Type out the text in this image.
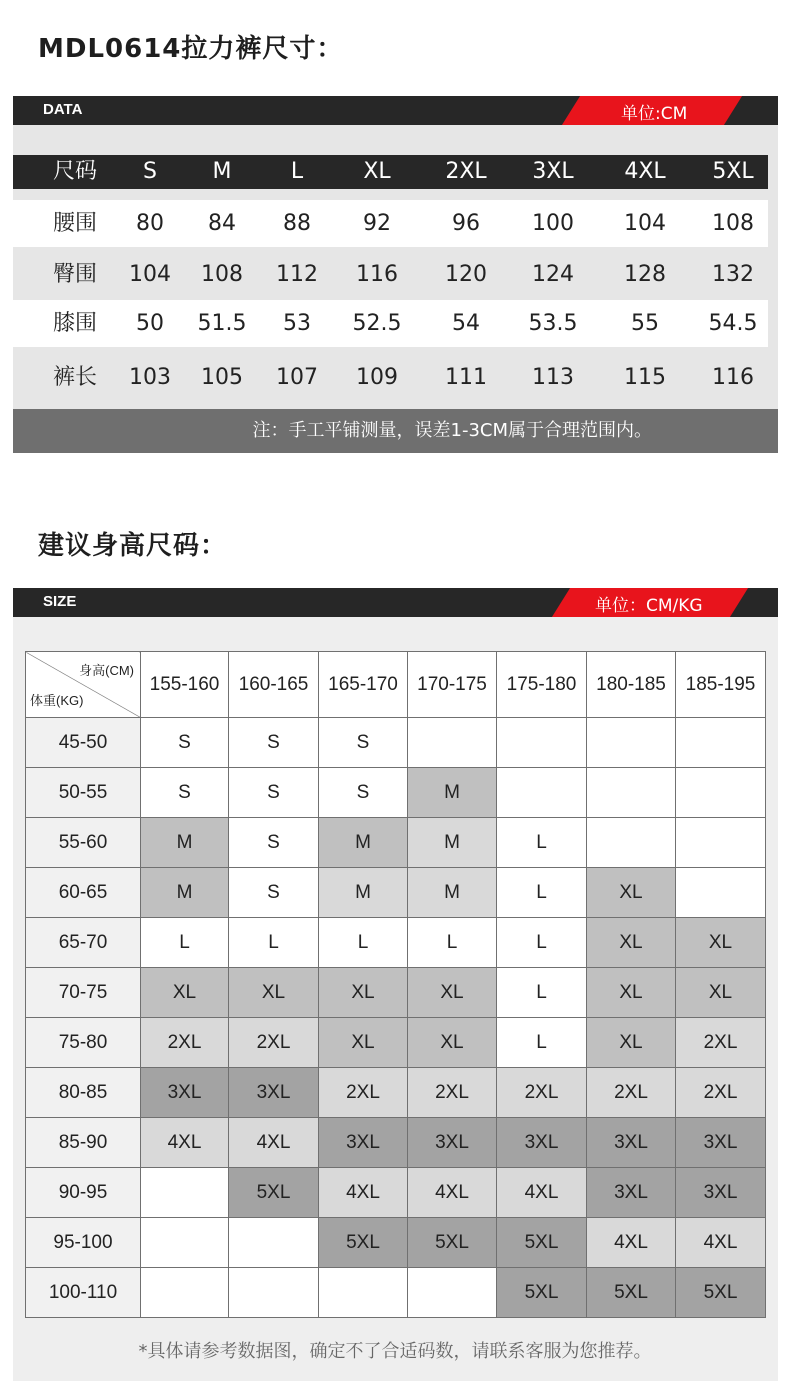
MDL0614拉力裤尺寸：
DATA	单位:CM
尺码 S	M	L	XL 2XL 3XL 4XL 5XL
腰围 80 84 88 92	96 100 104 108
臀围 104 108 112 116 120 124 128 132
膝围 50 51.5 53 52.5 54 53.5 55 54.5
裤长 103 105 107 109 111 113 115 116
注：手工平铺测量，误差1-3CM属于合理范围内。
建议身高尺码：
SIZE	单位：CM/KG
身高(CM)
体重(KG)	155-160	160-165	165-170	170-175	175-180	180-185	185-195
45-50	S	S	S				
50-55	S	S	S	M			
55-60	M	S	M	M	L		
60-65	M	S	M	M	L	XL	
65-70	L	L	L	L	L	XL	XL
70-75	XL	XL	XL	XL	L	XL	XL
75-80	2XL	2XL	XL	XL	L	XL	2XL
80-85	3XL	3XL	2XL	2XL	2XL	2XL	2XL
85-90	4XL	4XL	3XL	3XL	3XL	3XL	3XL
90-95		5XL	4XL	4XL	4XL	3XL	3XL
95-100			5XL	5XL	5XL	4XL	4XL
100-110					5XL	5XL	5XL
*具体请参考数据图，确定不了合适码数，请联系客服为您推荐。
